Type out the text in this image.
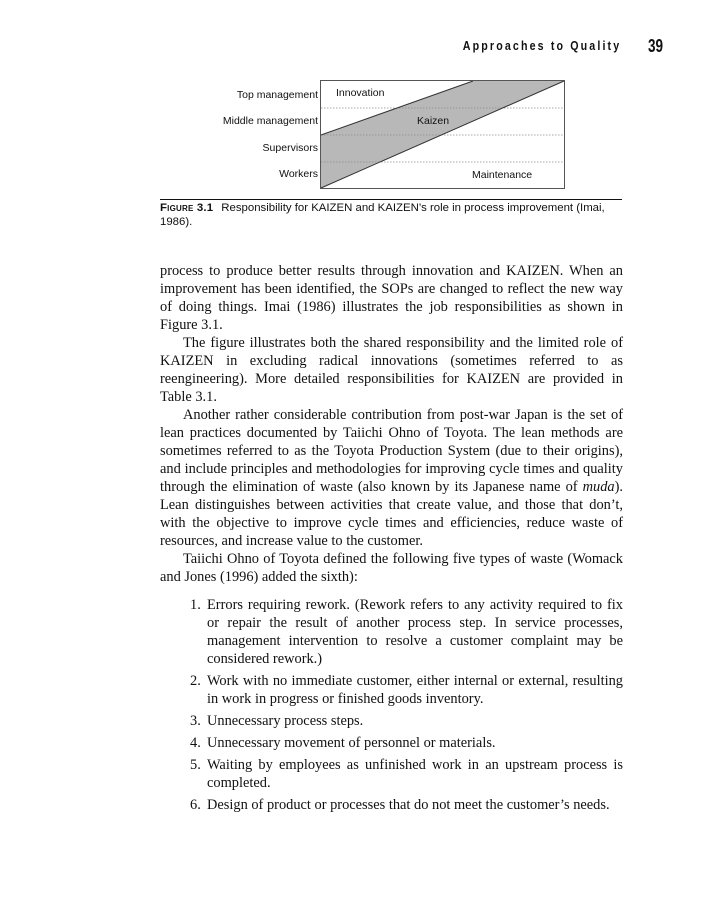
Approaches to Quality 39
Top management
Middle management
Supervisors
Workers
Innovation
Kaizen
Maintenance
Figure 3.1 Responsibility for KAIZEN and KAIZEN’s role in process improvement (Imai, 1986).

process to produce better results through innovation and KAIZEN. When an improvement has been identified, the SOPs are changed to reflect the new way of doing things. Imai (1986) illustrates the job responsibilities as shown in Figure 3.1.

The figure illustrates both the shared responsibility and the limited role of KAIZEN in excluding radical innovations (sometimes referred to as reengineering). More detailed responsibilities for KAIZEN are provided in Table 3.1.

Another rather considerable contribution from post-war Japan is the set of lean practices documented by Taiichi Ohno of Toyota. The lean methods are sometimes referred to as the Toyota Production System (due to their origins), and include principles and methodologies for improving cycle times and quality through the elimination of waste (also known by its Japanese name of muda). Lean distinguishes between activities that create value, and those that don’t, with the objective to improve cycle times and efficiencies, reduce waste of resources, and increase value to the customer.

Taiichi Ohno of Toyota defined the following five types of waste (Womack and Jones (1996) added the sixth):

1. Errors requiring rework. (Rework refers to any activity required to fix or repair the result of another process step. In service processes, management intervention to resolve a customer complaint may be considered rework.)
2. Work with no immediate customer, either internal or external, resulting in work in progress or finished goods inventory.
3. Unnecessary process steps.
4. Unnecessary movement of personnel or materials.
5. Waiting by employees as unfinished work in an upstream process is completed.
6. Design of product or processes that do not meet the customer’s needs.
